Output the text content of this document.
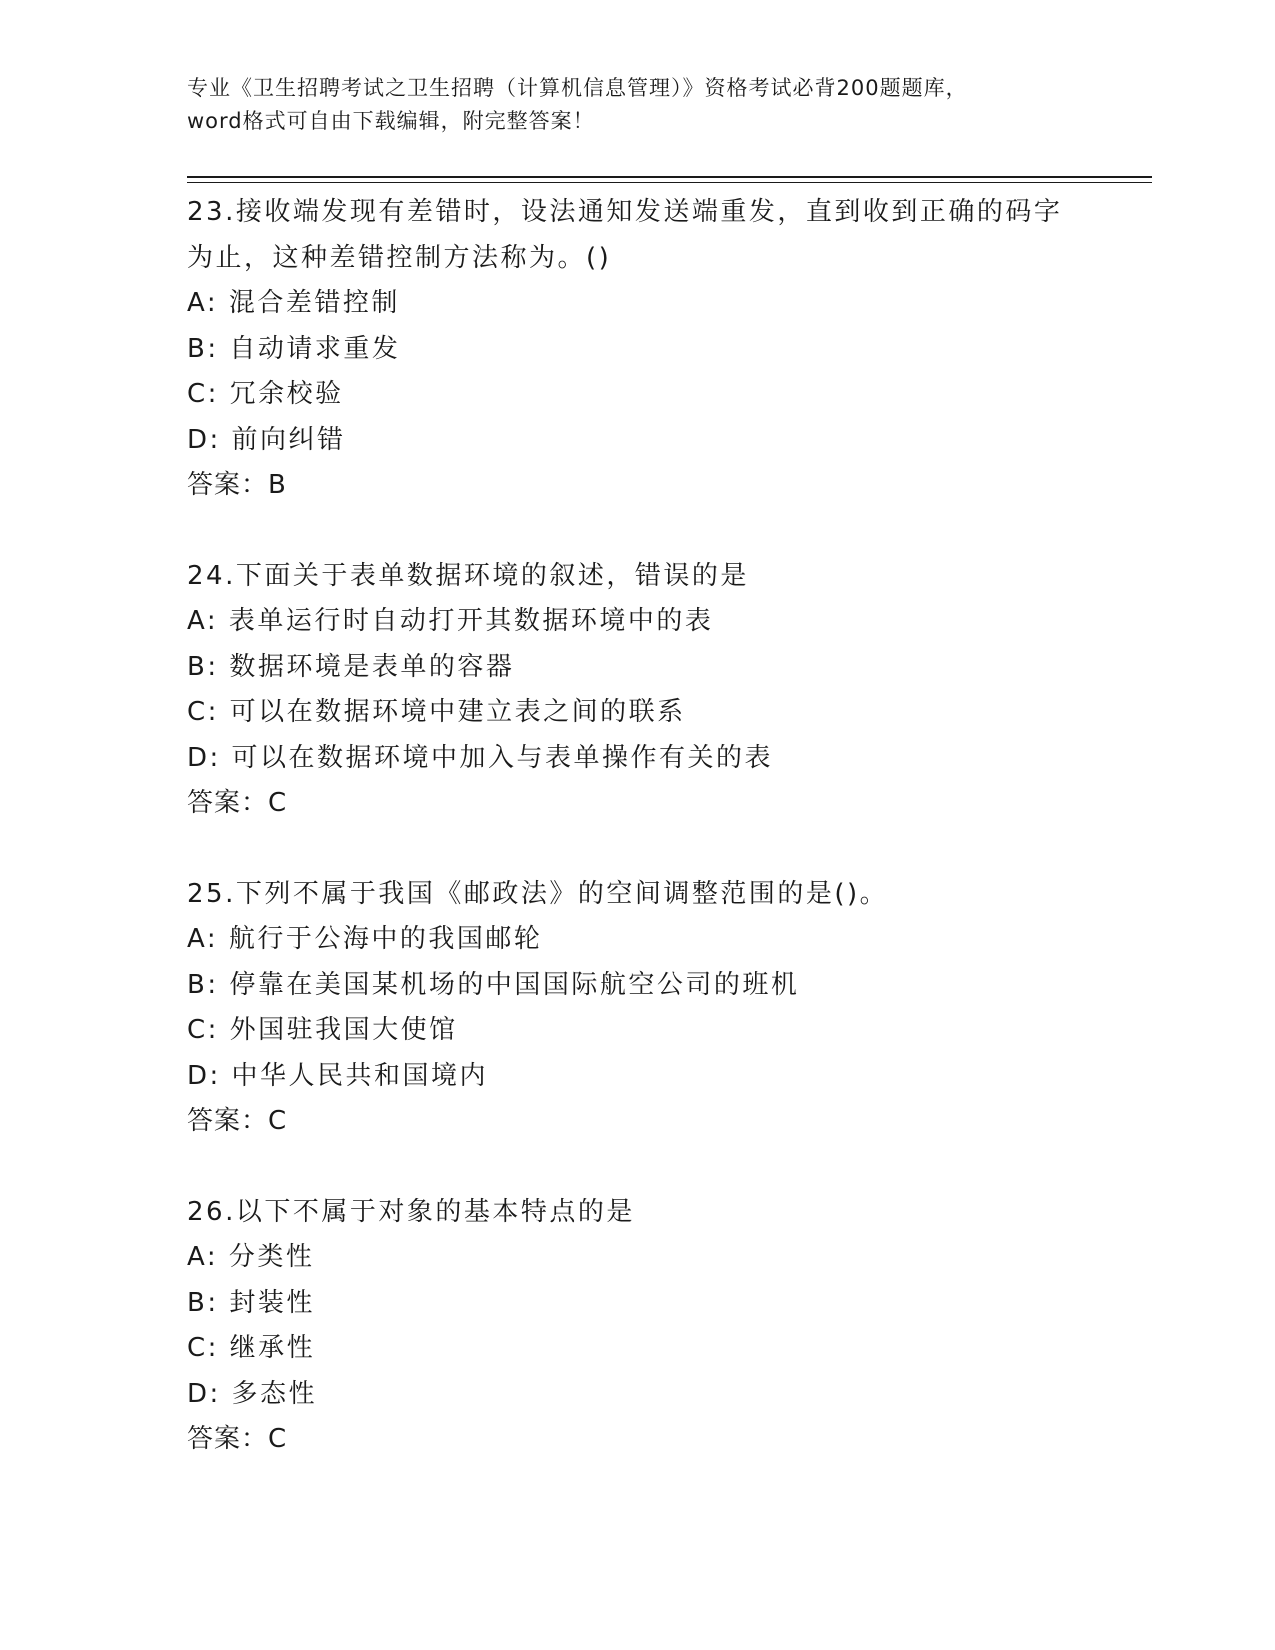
专业《卫生招聘考试之卫生招聘（计算机信息管理）》资格考试必背200题题库，
word格式可自由下载编辑，附完整答案！
23.接收端发现有差错时，设法通知发送端重发，直到收到正确的码字
为止，这种差错控制方法称为。()
A: 混合差错控制
B: 自动请求重发
C: 冗余校验
D: 前向纠错
答案：B
24.下面关于表单数据环境的叙述，错误的是
A: 表单运行时自动打开其数据环境中的表
B: 数据环境是表单的容器
C: 可以在数据环境中建立表之间的联系
D: 可以在数据环境中加入与表单操作有关的表
答案：C
25.下列不属于我国《邮政法》的空间调整范围的是()。
A: 航行于公海中的我国邮轮
B: 停靠在美国某机场的中国国际航空公司的班机
C: 外国驻我国大使馆
D: 中华人民共和国境内
答案：C
26.以下不属于对象的基本特点的是
A: 分类性
B: 封装性
C: 继承性
D: 多态性
答案：C
